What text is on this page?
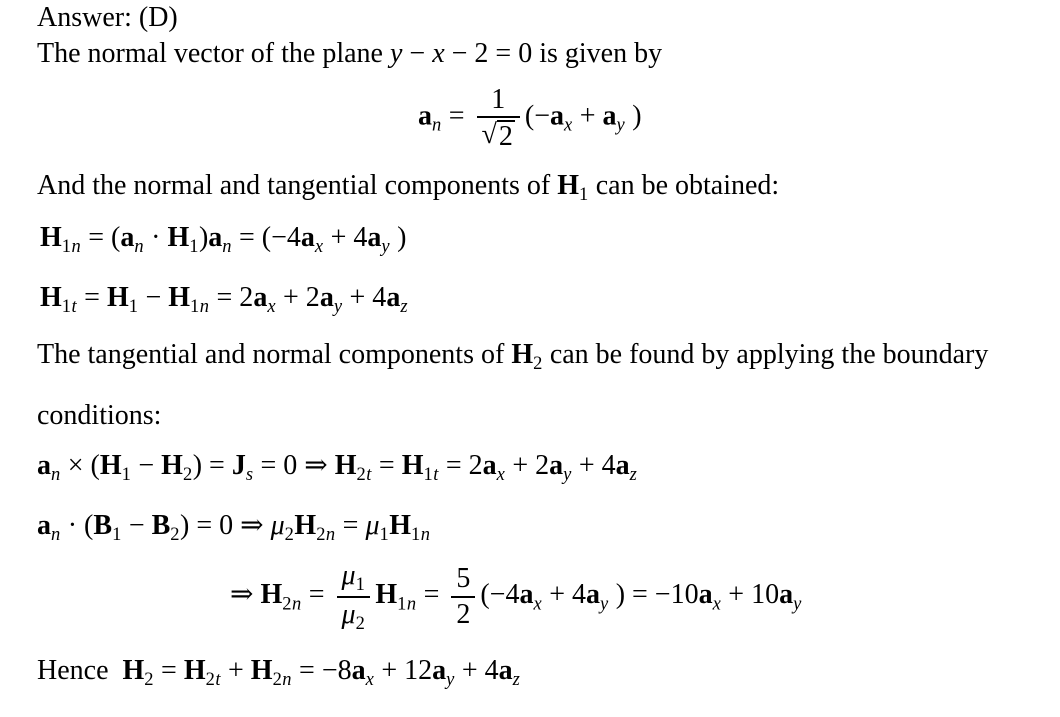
Answer: (D)
The normal vector of the plane y − x − 2 = 0 is given by
$a_n = \frac{1}{√ 2} (-a_x + a_y$ )
And the normal and tangential components of $H_1$ can be obtained:
$H_{1n} = (a_n \cdot H_1)a_n = (-4a_x + 4a_y$ )
$H_{1t} = H_1 - H_{1n} = 2a_x + 2a_y + 4a_z$
The tangential and normal components of $H_2$ can be found by applying the boundary
conditions:
$a_n \times (H_1 - H_2) = J_s = 0$ ⇒ $H_{2t} = H_{1t} = 2a_x + 2a_y + 4a_z$
$a_n \cdot (B_1 - B_2) = 0$ ⇒ $\mu_2H_{2n} = \mu_1H_{1n}$
⇒ $H_{2n} = \frac{\mu_1}{\mu_2} H_{1n} = \frac{5}{2} (-4a_x + 4a_y$ ) = $-10a_x + 10a_y$
Hence  $H_2 = H_{2t} + H_{2n} = -8a_x + 12a_y + 4a_z$
